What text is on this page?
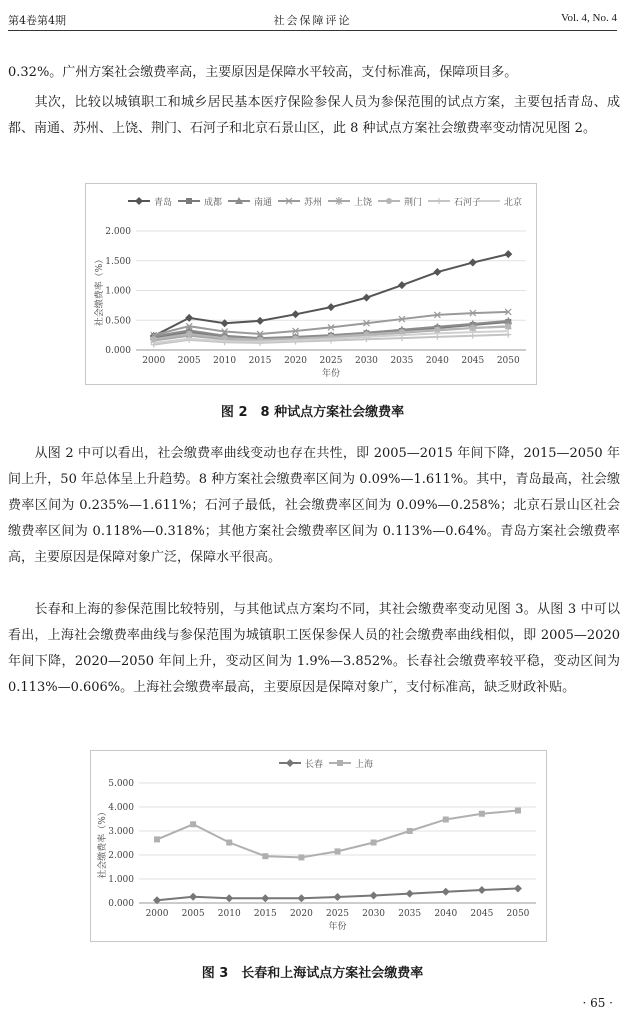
第4卷第4期	社会保障评论	Vol. 4, No. 4

0.32%。广州方案社会缴费率高，主要原因是保障水平较高，支付标准高，保障项目多。

　　其次，比较以城镇职工和城乡居民基本医疗保险参保人员为参保范围的试点方案，主要包括青岛、成都、南通、苏州、上饶、荆门、石河子和北京石景山区，此 8 种试点方案社会缴费率变动情况见图 2。

青岛	成都	南通	苏州	上饶	荆门	石河子	北京
0.000
0.500
1.000
1.500
2.000
2000 2005 2010 2015 2020 2025 2030 2035 2040 2045 2050
年份
社会缴费率（%）
图 2　8 种试点方案社会缴费率

　　从图 2 中可以看出，社会缴费率曲线变动也存在共性，即 2005—2015 年间下降，2015—2050 年间上升，50 年总体呈上升趋势。8 种方案社会缴费率区间为 0.09%—1.611%。其中，青岛最高，社会缴费率区间为 0.235%—1.611%；石河子最低，社会缴费率区间为 0.09%—0.258%；北京石景山区社会缴费率区间为 0.118%—0.318%；其他方案社会缴费率区间为 0.113%—0.64%。青岛方案社会缴费率高，主要原因是保障对象广泛，保障水平很高。

　　长春和上海的参保范围比较特别，与其他试点方案均不同，其社会缴费率变动见图 3。从图 3 中可以看出，上海社会缴费率曲线与参保范围为城镇职工医保参保人员的社会缴费率曲线相似，即 2005—2020 年间下降，2020—2050 年间上升，变动区间为 1.9%—3.852%。长春社会缴费率较平稳，变动区间为 0.113%—0.606%。上海社会缴费率最高，主要原因是保障对象广，支付标准高，缺乏财政补贴。

长春	上海
0.000
1.000
2.000
3.000
4.000
5.000
2000 2005 2010 2015 2020 2025 2030 2035 2040 2045 2050
年份
社会缴费率（%）
图 3　长春和上海试点方案社会缴费率
· 65 ·
